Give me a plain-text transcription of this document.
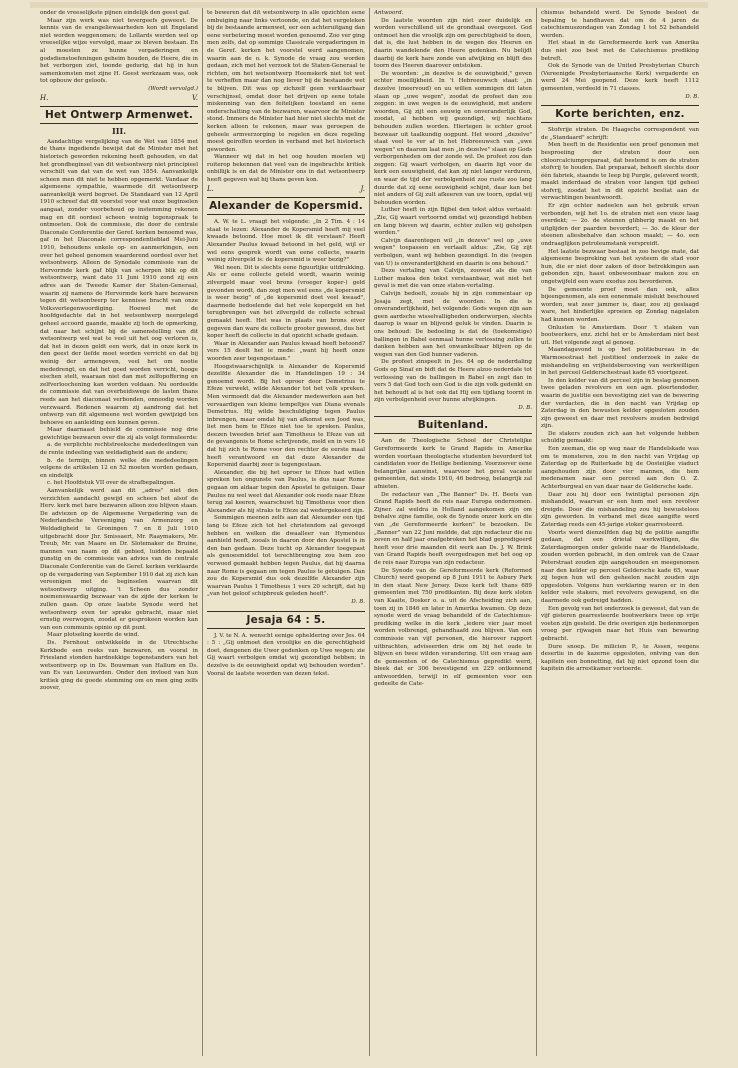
onder de vreeselijkste pijnen eindelijk den geest gaf.

Maar zijn werk was niet tevergeefs geweest. De kennis van de evangeliewaarheden kon uit Engeland niet worden weggenomen; de Lollards werden wel op vreeselijke wijze vervolgd, maar ze bleven bestaan. En al moesten ze hunne vergaderingen en godsdienstoefeningen geheim houden, de Heere, die in het verborgen ziet, toonde gedurig, dat hij in hun samenkomsten met zijne H. Geest werkzaam was, ook tot opbouw der geloofs.

(Wordt vervolgd.)
H.	V.
Het Ontwerp Armenwet.
III.

Aandachtige vergelijking van de Wet van 1854 met de thans ingediende bewijst dat de Minister met het historisch geworden rekening heeft gehouden, en dat het grondbeginsel van dit wetsontwerp niet principieel verschilt van dat van de wet van 1854. Aanvankelijk scheen men dit niet te hebben opgemerkt. Vandaar de algemeene sympathie, waarmede dit wetsontwerp aanvankelijk werd begroet. De Standaard van 12 April 1910 schreef dat dit voorstel voor wat onze beginselen aangaat, zonder voorbehoud op instemming rekenen mag en dit oordeel scheen weinig tegenspraak te ontmoeten. Ook de commissie, die door de centrale Diaconale Conferentie der Geref. kerken benoemd was, gaf in het Diaconale correspondentieblad Mei-Juni 1910, behoudens enkele op- en aanmerkingen, een over het geheel genomen waarderend oordeel over het wetsontwerp. Alleen de Synodale commissie van de Hervormde kerk gaf blijk van scherpen blik op dit wetsontwerp, want dato 11 Juni 1910 zond zij een adres aan de Tweede Kamer der Staten-Generaal, waarin zij namens de Hervormde kerk hare bezwaren tegen dit wetsontwerp ter kennisse bracht van onze Volksvertegenwoordiging. Hoewel met de hoofdgedachte dat in het wetsontwerp neergelegd geheel accoord gaande, maakte zij toch de opmerking, dat naar het schijnt bij de samenstelling van dit wetsontwerp wel wat te veel uit het oog verloren is, dat het in dezen geldt een werk, dat in onze kerk in den geest der liefde moet worden verricht en dat bij weinig der armengeven, veel het om nootie mededrengt, en dat het goed worden verricht, hooge eischen stelt, waaraan niet dan met zelfopoffering en zelfverloochening kan worden voldaan. Nu oordeelde de commissie dat van overheidswege de lasten thans reeds aan het diaconaat verbonden, onnoodig worden verzwaard. Redenen waarom zij aandrong dat het ontwerp van dit algemeene wet worden gewijzigd ten behoeve en aanleiding een kunnen geven.

Maar daarnaast behield de commissie nog drie gewichtige bezwaren over die zij als volgt formuleerde:

a. de verplichte rechtstreeksche mededeelingen van de rente indeeling van weldadigheid aan de andere;

b. de termijn, binnen welke die mededeelingen volgens de artikelen 12 en 52 moeten worden gedaan, en eindelijk

c. het Hoofdstuk VII over de strafbepalingen.

Aanvankelijk werd aan dit „adres" niet den verzichten aandacht gewijd en scheen het alsof de Herv. kerk met hare bezwaren alleen zou blijven staan. De adviezen op de Algemeene Vergadering van de Nederlandsche Vereeniging van Armenzorg en Weldadigheid te Groningen 7 en 8 Juli 1910 uitgebracht door Jhr. Smissaert, Mr. Raaymakers, Mr. Treub, Mr. van Maare en Dr. Slotemaker de Bruine, mannen van naam op dit gebied, luidden bepaald gunstig en de commissie van advies van de centrale Diaconale Conferentie van de Geref. kerken verklaarde op de vergadering van September 1910 dat zij zich kan vereenigen met de beginselen waarvan dit wetsontwerp uitging. 't Scheen dus zonder noemenswaardig bezwaar van de zijde der kerken te zullen gaan. Op onze laatste Synode werd het wetsontwerp even ter sprake gebracht, maar niet ernstig overwogen, zoodat er gesprokeen worden kan van een communis opinio op dit punt.

Maar plotseling keerde de wind.

Ds. Fernhout ontwikkelde in de Utrechtsche Kerkbode een reeks van bezwaren, en vooral in Friesland stonden hardnekkige tegenstanders van het wetsontwerp op in Ds. Bouwman van Hallum en Ds. van Es van Leeuwarden. Onder den invloed van hun kritiek ging de goede stemming om en men ging zelfs zoover,

te beweren dat dit wetsontwerp in alle opzichten eene ombuiging naar links vertoonde, en dat het vergeleken bij de bestaande armenwet, eer een achteruitgang dan eene verbetering moest worden genoemd. Zoo ver ging men zelfs, dat op sommige Classicale vergaderingen in de Geref. kerken het voorstel werd aangenomen, waarin aan de o. k. Synode de vraag zou worden gedaan, zich met het verzoek tot de Staten-Generaal te richten, om het wetsontwerp Heemskerk niet tot wet te verheffen maar dan nog liever bij de bestaande wet te blijven. Dit was op zichzelf geen verklaarbaar verschijnsel, omdat door het drijven op eene totale miskenning van den feitelijken toestand en eene onderschatting van de bezwaren, waarvoor de Minister stond. Immers de Minister had hier niet slechts met de kerken alleen te rekenen, maar was geroepen de geheele armverzorging te regelen en deze regeling moest geiroffen worden in verband met het historisch geworden.

Wanneer wij dat in het oog houden moeten wij ruiterop bekennen dat veel van de ingebrachte kritiek onbillijk is en dat de Minister ons in dat wetsontwerp heeft gegeven wat hij thans geven kon.

L.	J.
Alexander de Kopersmid.

A. W. te L. vraagt het volgende: „In 2 Tim. 4 : 14 staat te lezen: Alexander de Kopersmid heeft mij veel kwaads betoond. Hoe moet ik dit verstaan? Heeft Alexander Paulus kwaad betoond in het geld, wijl er wel eens gesprek wordt van eene collecte, waarin weinig zilvergeld is: de kopersmid is weer bezig?"

Wel neen. Dit is slechts eene figuurlijke uitdrukking. Als er eene collecte geteld wordt, waarin weinig zilvergeld maar veel brons (vroeger koper-) geld gevonden wordt, dan zegt men wel eens „de kopersmid is weer bezig" of „de kopersmid doet veel kwaad", daarmede bedoelende dat het vele kopergeld en het terugbrengen van het zilvergeld de collecte schraal gemaakt heeft. Het was in plaats van brons eiver gegeven dan ware de collecte grooter geweest, dus het koper heeft de collecte in dat opzicht schade gedaan.

Waar in Alexander aan Paulus kwaad heeft betoond? vers 15 deelt het ie mede: „want hij heeft onze woorden zeer tegengestaan."

Hoogstwaarschijnlijk is Alexander de Kopersmid dezelfde Alexander die in Handelingen 19 : 34 genoemd wordt. Bij het oproer door Demetrius te Efeze verwekt, wilde Alexander tot het volk spreken. Men vermoedt dat die Alexander medewerken aan het vervaardigen van kleine tempeltjes van Diana evenals Demetrius. Hij wilde beschuldiging tegen Paulus inbrengen, maar omdat hij van afkomst een Jood was, liet men hem te Efeze niet toe te spreken. Paulus, deezen tweeden brief aan Timotheus te Efeze van uit de gevangenis te Rome schrijvende, meld en in vers 16 dat hij zich te Rome voor den rechter de eerste maal heeft verantwoord en dat deze Alexander de Kopersmid daarbij zeer is tegengestaan.

Alexander, die bij het oproer te Efeze had willen spreken ten ongunste van Paulus, is dus naar Rome gegaan om aldaar tegen den Apostel te getuigen. Daar Paulus nu wel weet dat Alexander ook reeds naar Efeze terug zal keeren, waarschuwt hij Timotheus voor dien Alexander als hij straks te Efeze zal wedergekeerd zijn.

Sommigen meenen zelfs aan dat Alexander een tijd lang te Efeze zich tot het christendom zal gevoegd hebben en welken die dwaalleer van Hymenëus aanhield heeft, zooals in daaron door den Apostel is in den ban gedaan. Deze tucht op Alexander toegepast als genoesmiddel tot terechtbrenging zou hem zoo verwoed gemaakt hebben tegen Paulus, dat hij daarna naar Rome is gegaan om tegen Paulus te getuigen. Dan zou de Kopersmid dus ook dezelfde Alexander zijn waarvan Paulus 1 Timotheus 1 vers 20 schrijft, dat hij „van het geloof schipbreuk geleden heeft".

D. B.
Jesaja 64 : 5.

J. V. te N. A. wenscht eenige opheldering over Jes. 64 : 5 : „Gij ontmoet den vroolijke en die gerechtigheid doet, dengenen die Uwer gedenken op Uwe wegen; zie Gij waart verbolgen omdat wij gezondigd hebben; in dezelve is de eeuwigheid opdat wij behouden worden". Vooral de laatste woorden van dezen tekst.

Antwoord.

De laatste woorden zijn niet zeer duidelijk en worden verschillend uit de grondtaal overgezet. God ontmoet hen die vroolijk zijn om gerechtigheid te doen, dat is, die lust hebben in de wegen des Heeren en daarin wandelende den Heere gedenken. Nu belijdt daarbij de kerk hare zonde van afwijking en blijft des toorn des Heeren daarover ontstoken.

De woorden: „in dezelve is de eeuwigheid," geven echter moeilijkheid. In 't Hebreeuwsch staat: „in dezelve (meervoud) en uu willen sommigen dit laten slaan op „uwe wegen", zoodat de profeet dan zou zeggen: in uwe wegen is de eeuwigheid, met andere woorden, Gij zijt een eeuwig en onveranderlijk God, zoodat, al hebben wij gezondigd, wij nochtans behouden zullen worden. Hiertegen is echter groot bezwaar uit taalkundig oogpunt. Het woord „dezelve" staat veel te ver af in het Hebreeuwsch van „uwe wegen" en daarom laat men „in dezelve" slaan op Gods verborgenheden om der zonde wil. De profeet zou dan zeggen: Gij waart verbolgen, en daarin ligt voor de kerk een eeuwigheid, dat kan zij niet langer verduren, en waar de tijd der verbolgenheid zoo ruste zoo lang duurde dat zij eene eeuwigheid schijnt, daar kan het niet anders of Gij zult afkeeren van uw toorn, opdat wij behouden worden.

Luther heeft in zijn Bijbel den tekst aldus vertaald: „Zie, Gij waart vertoornd omdat wij gezondigd hebben en lang bleven wij daarin, echter zullen wij geholpen worden."

Calvijn daarentegen wil „in dezeve" wel op „uwe wegen" toepassen en vertaalt aldus: „Zie, Gij zijt verbolgen, want wij hebben gezondigd. In die (wegen van U) is onveranderlijkheid en daarin is ons behoud."

Deze vertaling van Calvijn, zooveel als die van Luther makea den tekst verstaanbaar, wat niet het geval is met die van onze staten-vertaling.

Calvijn bedoelt, zouals hij in zijn commentaar op Jesaja zegt, met de woorden: In die is onveranderlijkheid, het volgende: Gods wegen zijn aan geen aardsche wisselvalligheden onderworpen, slechts daarop is waar en blijvend geluk te vinden. Daarin is ons behoud: De bedoeling is dat de (toekomstige) ballingen in Babel eenmaal hunne verlossing zullen te danken hebben aan het onwankelbaar blijven op de wegen van den God hunner vaderen.

De profeet zinspeelt in Jes. 64 op de nederdaling Gods op Sinaï en bidt dat de Heere alzoo nederdale tot verlossing van de ballingen in Babel en zegt dan in vers 5 dat God toch een God is die zijn volk gedenkt en het behoudt al is het ook dat Hij een tijdlang toornt in zijn verbolgenheid over hunne afwijkingen.

D. B.
Buitenland.

Aan de Theologische School der Christelijke Gereformeerde kerk te Grand Rapids in Amerika worden voortaan theologische studenten bevorderd tot candidaten voor de Heilige bediening. Voorzoover eene belangrijke aanwinst, waarvoor het geval vacante gemeenten, dat sinds 1910, 46 bedroeg, belangrijk zal afnieten.

De redacteur van „The Banner" Ds. H. Beets van Grand Rapids heeft de reis naar Europa ondernomen. Zijner. zal weldra in Holland aangekomen zijn om behalve zijne familie, ook de Synode onzer kerk en die van „de Gereformeerde kerken" te bezoeken. De „Banner" van 22 Juni meldde, dat zijn redacteur die nu zeven en half jaar onafgebroken het blad gepredigeerd heeft voor drie maanden dit werk aan Ds. J. W. Brink van Grand Rapids heeft overgedragen met het oog op de reis naar Europa van zijn redacteur.

De Synode van de Gereformeerde kerk (Reformed Church) werd geopend op 8 Juni 1911 te Asbury Park in den staat New Jersey. Deze kerk telt thans 689 gemeenten met 750 predikanten. Bij deze kerk sloten van Kaaite, Dosker o. a. uit de Afscheiding zich aan, toen zij in 1846 en later in Amerika kwamen. Op deze synode werd de vraag behandeld of de Catechismus-prediking welke in die kerk „iedere vier jaar moet worden volbrengd, gehandhaafd zou blijven. Van een commissie van vijf personen, die hierover rapport uitbrachten, adviseerden drie om bij het oude te blijven en twee wilden verandering. Uit een vraag aan de gemeenten of de Catechismus gepredikt werd, bleek dat er 306 bevestigend en 229 ontkennend antwoordden, terwijl in elf gemeenten voor een gedeelte de Cate-

chismus behandeld werd. De Synode besloot de bepaling te handhaven dat om de 4 jaren de catechismuszondagen van Zondag 1 tot 52 behandeld werden.

Het staat in de Gereformeerde kerk van Amerika dus niet zoo best met de Catechismus prediking betreft.

Ook de Synode van de United Presbyterian Church (Vereenigde Presbyteriaansche Kerk) vergaderde en werd 24 Mei geopend. Deze kerk heeft 1112 gemeenten, verdeeld in 71 classes.

D. B.
Korte berichten, enz.

Stofvrije straten. De Haagsche correspondent van de „Standaard" schrijft:

Men heeft in de Residentie een proef genomen met besproeiing der straten door een chloorcalciumpreparaat, dat bestemd is om de straten stofvrij te houden. Dat preparaat, behoeft slechts door één fabriek, staande te Ieep bij Purgle, geleverd wordt, maakt inderdaad de straten voor langen tijd geheel stofvrij, zoodat het in dit opzicht besliat aan de verwachtingen beantwoordt.

Er zijn echter nadeelen aan het gebruik ervan verbonden, wijl het 1o. de straten met een vieze laag overdekt; — 2o. de steenen glibberig maakt en het uitglijden der paarden bevordert; — 3o. de kleur der steenen allesbehalve dan schoon maakt; — 4o. een ondraaglijken petroleumstank verspreidt.

Het laatste bezwaar bestaat in zoo hevige mate, dat algemeene bespreking van het systeem de stad voor hun, die er niet door zaken of door betrekkingen aan gebonden zijn, haast onbewoonbaar maken zou en ongetwijfeld een ware exodus zou bevorderen.

De gemeente proef moet dan ook, alles bijeengenomen, als een eenenmale mislukt beschouwd worden, wat zeer jammer is, daar, zou zij geslaagd ware, het hinderlijke sproeien op Zondag nagelaten had kunnen worden.

Onlusten te Amsterdam. Door 't staken van bootwerkers, enz. zicht het er te Amsterdam niet best uit. Het volgende zegt al genoeg.

Maandagavond is op het politiebureau in de Warmoesstraat het justitieel onderzoek in zake de mishandeling en vrijheidsberooving van werkwilligen in het perceel Gelderschestraat kade 65 voortgezet.

In den kelder van dit perceel zijn in beslag genomen twee geladen revolvers en een agn. ploertendoder, waarin de justitie een bevestiging ziet van de bewering der verdacten, die in den nacht van Vrijdag op Zaterdag in den bewusten kelder opgesloten zouden zijn geweest en daar met revolvers zouden bedreigd zijn.

De stakers zouden zich aan het volgende hebben schuldig gemaakt:

Een zeeman, die op weg naar de Handelskade was om te monsteren, zou in den nacht van Vrijdag op Zaterdag op de Ruiterkade bij de Oosteiijke viaduct aangehouden zijn door vier mannen, die hem medenamen naar een perceel aan den O. Z. Achterburgwal en van daar naar de Geldersche kade.

Daar zou hij door een twintigtal personen zijn mishandeld, waarvan er een hem met een revolver dreigde. Door die mishandeling zou hij bewusteloos zijn geworden. In verband met deze aangifte werd Zaterdag reeds een 45-jarige stoker gearresteerd.

Voorts werd dienzelfden dag bij de politie aangifte gedaan, dat een drietal werkwilligen, die Zaterdagmorgen onder geleide naar de Handelskade, zouden worden gebracht, in den omtrek van de Czaar Peterstraat zouden zijn aangehouden en meegenomen naar den kelder op perceel Geldersche kade 65, waar zij tegen hun wil den geheelen nacht zouden zijn opgesloten. Volgens hun verklaring waren er in den kelder vele stakers, met revolvers gewapend, en die daarmede ook gedreigd hadden.

Een gevolg van het onderzoek is geweest, dat van de vijf gisteren gearresteerde bootwerkers twee op vrije voeten zijn gesteld. De drie overigen zijn bedenmorgen vroeg per rijwagen naar het Huis van bewaring gebracht.

Dure snoep. De milicien P., te Assen, wegens desertie in de kazerne opgesloten, ontving van den kapitein een bonnetting, dat hij niet opzond toen die kapitein die arrestkamer vertoerde.
